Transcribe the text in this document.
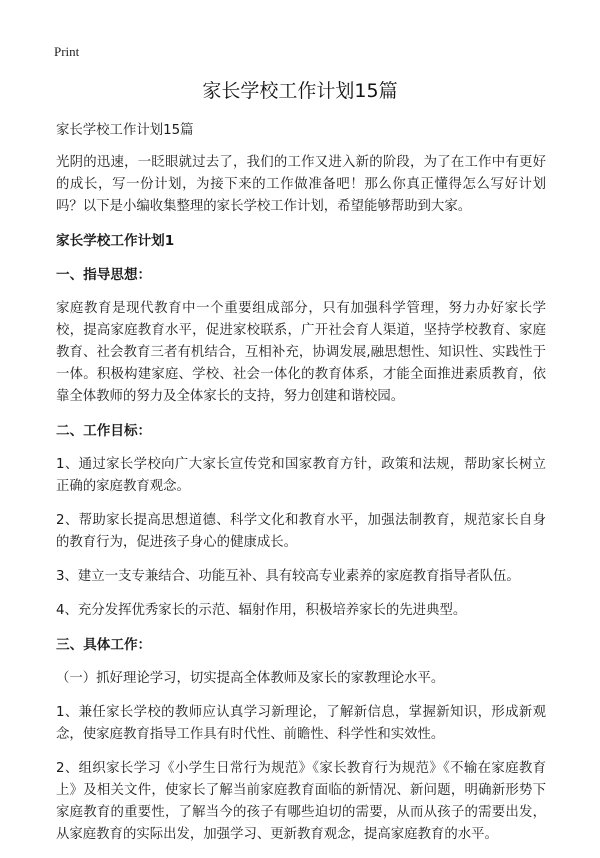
Print
家长学校工作计划15篇

家长学校工作计划15篇

光阴的迅速，一眨眼就过去了，我们的工作又进入新的阶段，为了在工作中有更好的成长，写一份计划，为接下来的工作做准备吧！那么你真正懂得怎么写好计划吗？以下是小编收集整理的家长学校工作计划，希望能够帮助到大家。

家长学校工作计划1
一、指导思想：

家庭教育是现代教育中一个重要组成部分，只有加强科学管理，努力办好家长学校，提高家庭教育水平，促进家校联系，广开社会育人渠道，坚持学校教育、家庭教育、社会教育三者有机结合，互相补充，协调发展,融思想性、知识性、实践性于一体。积极构建家庭、学校、社会一体化的教育体系，才能全面推进素质教育，依靠全体教师的努力及全体家长的支持，努力创建和谐校园。

二、工作目标：

1、通过家长学校向广大家长宣传党和国家教育方针，政策和法规，帮助家长树立正确的家庭教育观念。

2、帮助家长提高思想道德、科学文化和教育水平，加强法制教育，规范家长自身的教育行为，促进孩子身心的健康成长。

3、建立一支专兼结合、功能互补、具有较高专业素养的家庭教育指导者队伍。

4、充分发挥优秀家长的示范、辐射作用，积极培养家长的先进典型。

三、具体工作：

（一）抓好理论学习，切实提高全体教师及家长的家教理论水平。

1、兼任家长学校的教师应认真学习新理论，了解新信息，掌握新知识，形成新观念，使家庭教育指导工作具有时代性、前瞻性、科学性和实效性。

2、组织家长学习《小学生日常行为规范》《家长教育行为规范》《不输在家庭教育上》及相关文件，使家长了解当前家庭教育面临的新情况、新问题，明确新形势下家庭教育的重要性，了解当今的孩子有哪些迫切的需要，从而从孩子的需要出发，从家庭教育的实际出发，加强学习、更新教育观念，提高家庭教育的水平。
